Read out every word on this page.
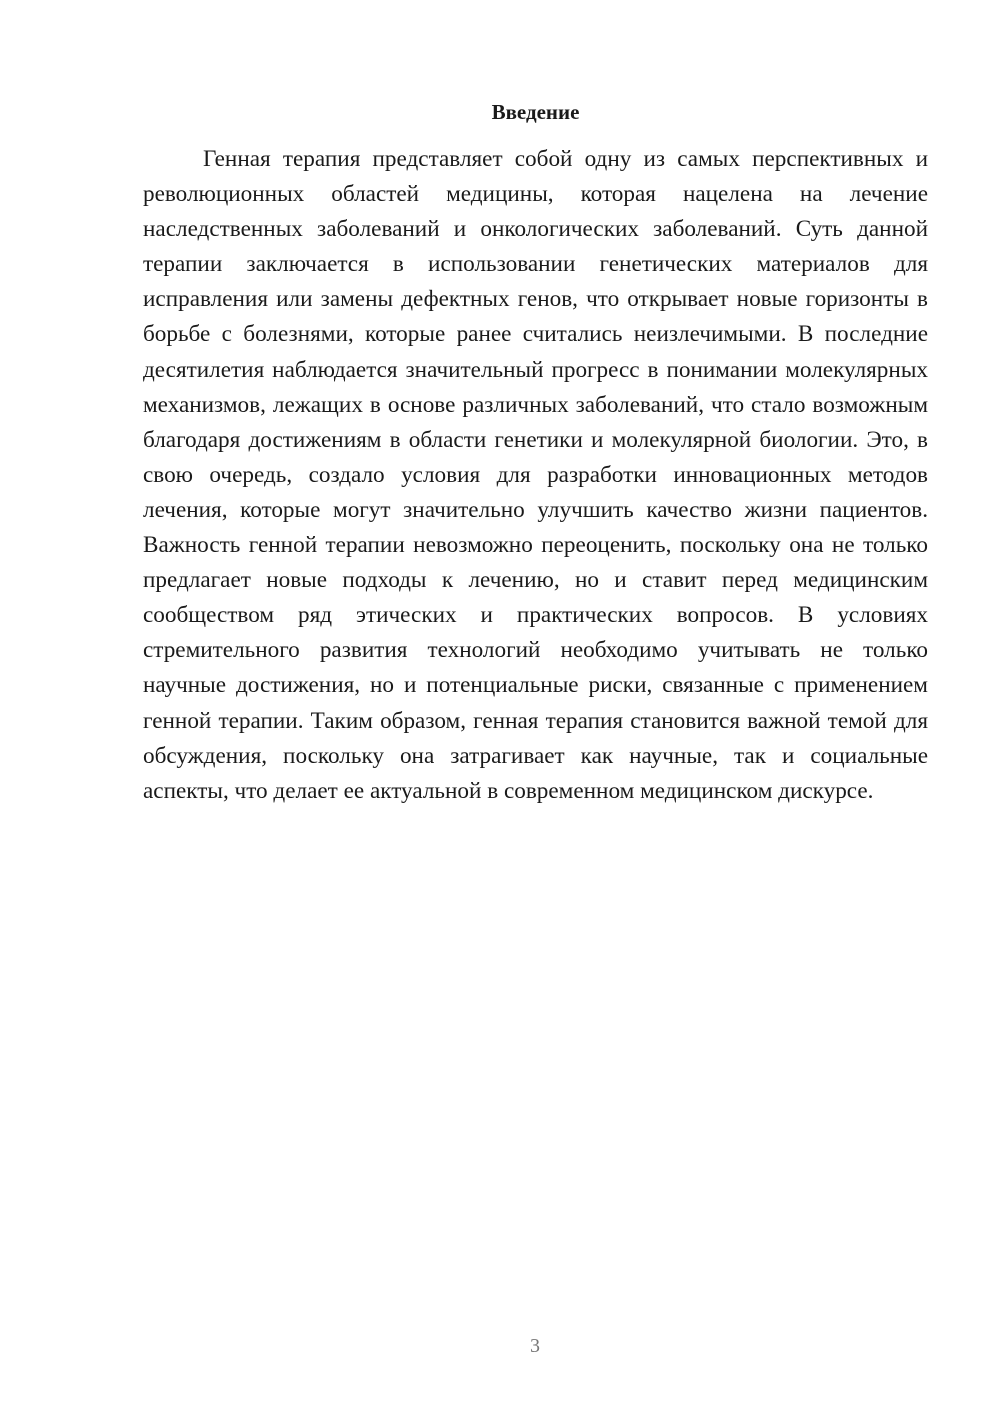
Введение

Генная терапия представляет собой одну из самых перспективных и революционных областей медицины, которая нацелена на лечение наследственных заболеваний и онкологических заболеваний. Суть данной терапии заключается в использовании генетических материалов для исправления или замены дефектных генов, что открывает новые горизонты в борьбе с болезнями, которые ранее считались неизлечимыми. В последние десятилетия наблюдается значительный прогресс в понимании молекулярных механизмов, лежащих в основе различных заболеваний, что стало возможным благодаря достижениям в области генетики и молекулярной биологии. Это, в свою очередь, создало условия для разработки инновационных методов лечения, которые могут значительно улучшить качество жизни пациентов. Важность генной терапии невозможно переоценить, поскольку она не только предлагает новые подходы к лечению, но и ставит перед медицинским сообществом ряд этических и практических вопросов. В условиях стремительного развития технологий необходимо учитывать не только научные достижения, но и потенциальные риски, связанные с применением генной терапии. Таким образом, генная терапия становится важной темой для обсуждения, поскольку она затрагивает как научные, так и социальные аспекты, что делает ее актуальной в современном медицинском дискурсе.

3
